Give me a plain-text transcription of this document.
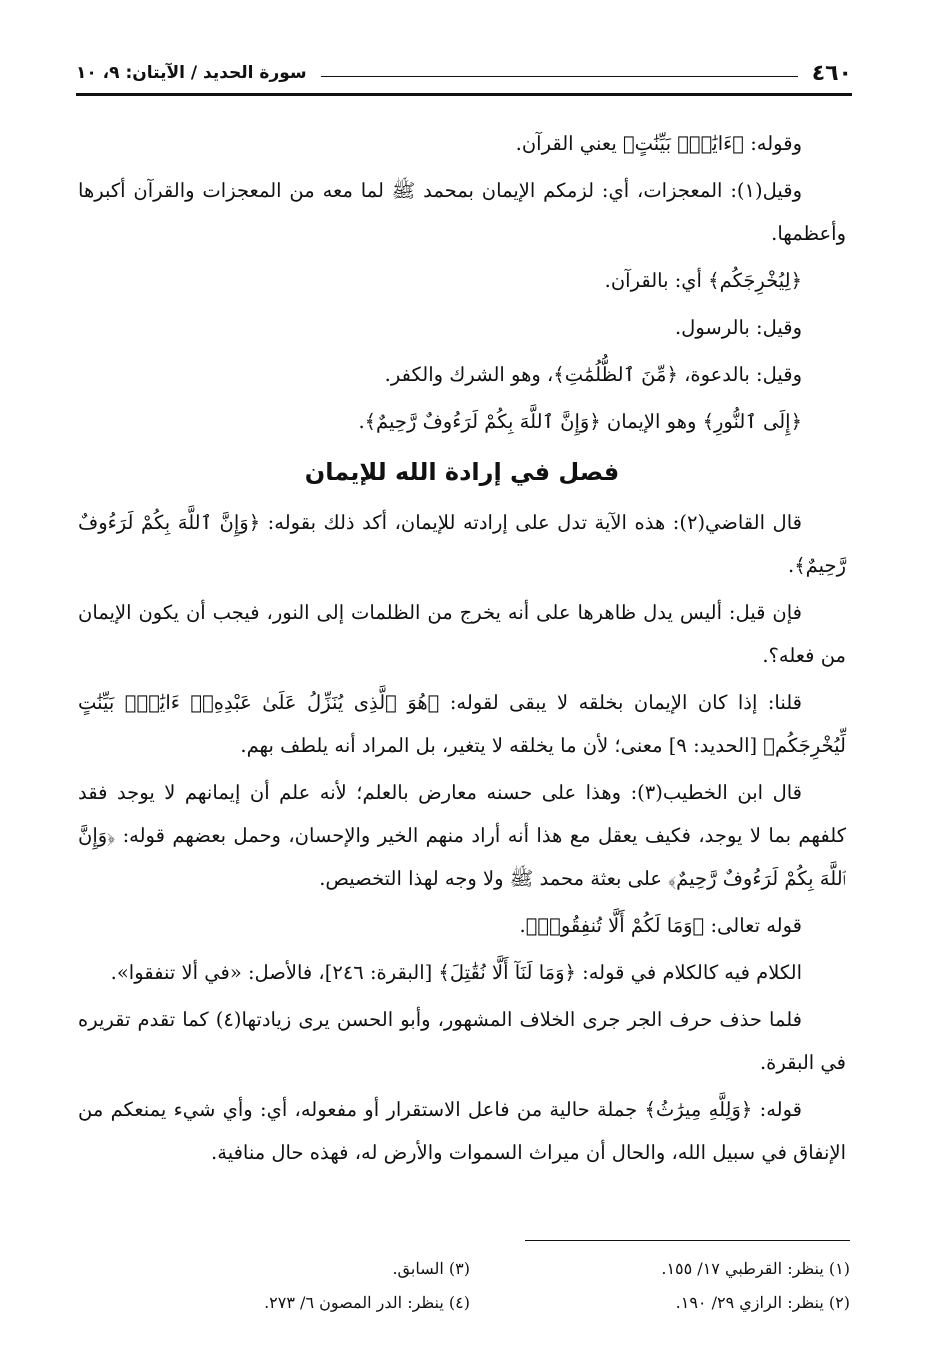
٤٦٠
سورة الحديد / الآيتان: ٩، ١٠

وقوله: ﴿ءَايَٰتِۭ بَيِّنَٰتٍ﴾ يعني القرآن.

وقيل(١): المعجزات، أي: لزمكم الإيمان بمحمد ﷺ لما معه من المعجزات والقرآن أكبرها وأعظمها.

﴿لِيُخْرِجَكُم﴾ أي: بالقرآن.

وقيل: بالرسول.

وقيل: بالدعوة، ﴿مِّنَ ٱلظُّلُمَٰتِ﴾، وهو الشرك والكفر.

﴿إِلَى ٱلنُّورِ﴾ وهو الإيمان ﴿وَإِنَّ ٱللَّهَ بِكُمْ لَرَءُوفٌ رَّحِيمٌ﴾.

فصل في إرادة الله للإيمان

قال القاضي(٢): هذه الآية تدل على إرادته للإيمان، أكد ذلك بقوله: ﴿وَإِنَّ ٱللَّهَ بِكُمْ لَرَءُوفٌ رَّحِيمٌ﴾.

فإن قيل: أليس يدل ظاهرها على أنه يخرج من الظلمات إلى النور، فيجب أن يكون الإيمان من فعله؟.

قلنا: إذا كان الإيمان بخلقه لا يبقى لقوله: ﴿هُوَ ٱلَّذِى يُنَزِّلُ عَلَىٰ عَبْدِهِۦٓ ءَايَٰتِۭ بَيِّنَٰتٍ لِّيُخْرِجَكُم﴾ [الحديد: ٩] معنى؛ لأن ما يخلقه لا يتغير، بل المراد أنه يلطف بهم.

قال ابن الخطيب(٣): وهذا على حسنه معارض بالعلم؛ لأنه علم أن إيمانهم لا يوجد فقد كلفهم بما لا يوجد، فكيف يعقل مع هذا أنه أراد منهم الخير والإحسان، وحمل بعضهم قوله: ﴿وَإِنَّ ٱللَّهَ بِكُمْ لَرَءُوفٌ رَّحِيمٌ﴾ على بعثة محمد ﷺ ولا وجه لهذا التخصيص.

قوله تعالى: ﴿وَمَا لَكُمْ أَلَّا تُنفِقُوا۟﴾.

الكلام فيه كالكلام في قوله: ﴿وَمَا لَنَآ أَلَّا نُقَٰتِلَ﴾ [البقرة: ٢٤٦]، فالأصل: «في ألا تنفقوا».

فلما حذف حرف الجر جرى الخلاف المشهور، وأبو الحسن يرى زيادتها(٤) كما تقدم تقريره في البقرة.

قوله: ﴿وَلِلَّهِ مِيرَٰثُ﴾ جملة حالية من فاعل الاستقرار أو مفعوله، أي: وأي شيء يمنعكم من الإنفاق في سبيل الله، والحال أن ميراث السموات والأرض له، فهذه حال منافية.

(١) ينظر: القرطبي ١٧/ ١٥٥.
(٣) السابق.
(٢) ينظر: الرازي ٢٩/ ١٩٠.
(٤) ينظر: الدر المصون ٦/ ٢٧٣.
